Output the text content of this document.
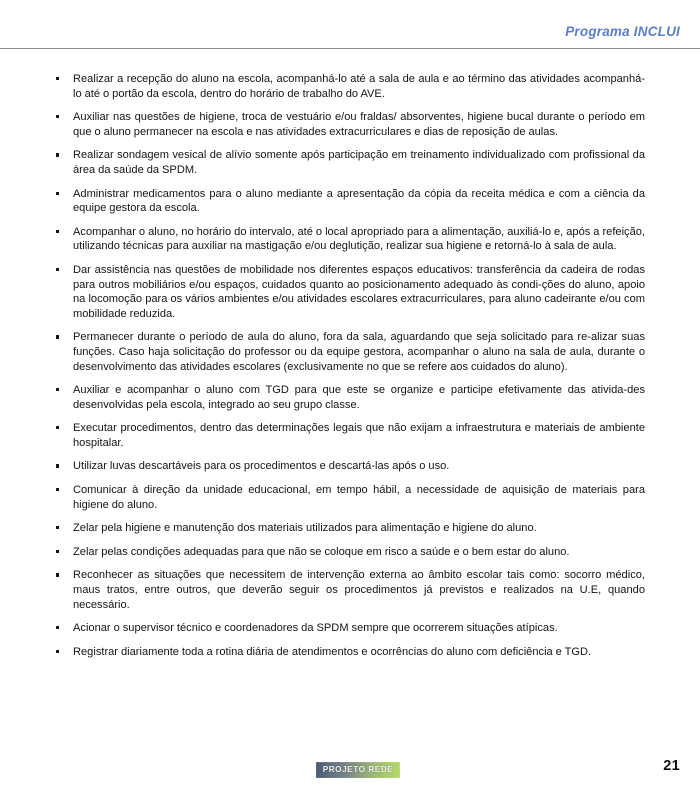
Programa INCLUI
Realizar a recepção do aluno na escola, acompanhá-lo até a sala de aula e ao término das atividades acompanhá-lo até o portão da escola, dentro do horário de trabalho do AVE.
Auxiliar nas questões de higiene, troca de vestuário e/ou fraldas/ absorventes, higiene bucal durante o período em que o aluno permanecer na escola e nas atividades extracurriculares e dias de reposição de aulas.
Realizar sondagem vesical de alívio somente após participação em treinamento individualizado com profissional da área da saúde da SPDM.
Administrar medicamentos para o aluno mediante a apresentação da cópia da receita médica e com a ciência da equipe gestora da escola.
Acompanhar o aluno, no horário do intervalo, até o local apropriado para a alimentação, auxiliá-lo e, após a refeição, utilizando técnicas para auxiliar na mastigação e/ou deglutição, realizar sua higiene e retorná-lo à sala de aula.
Dar assistência nas questões de mobilidade nos diferentes espaços educativos: transferência da cadeira de rodas para outros mobiliários e/ou espaços, cuidados quanto ao posicionamento adequado às condi-ções do aluno, apoio na locomoção para os vários ambientes e/ou atividades escolares extracurriculares, para aluno cadeirante e/ou com mobilidade reduzida.
Permanecer durante o período de aula do aluno, fora da sala, aguardando que seja solicitado para re-alizar suas funções. Caso haja solicitação do professor ou da equipe gestora, acompanhar o aluno na sala de aula, durante o desenvolvimento das atividades escolares (exclusivamente no que se refere aos cuidados do aluno).
Auxiliar e acompanhar o aluno com TGD para que este se organize e participe efetivamente das ativida-des desenvolvidas pela escola, integrado ao seu grupo classe.
Executar procedimentos, dentro das determinações legais que não exijam a infraestrutura e materiais de ambiente hospitalar.
Utilizar luvas descartáveis para os procedimentos e descartá-las após o uso.
Comunicar à direção da unidade educacional, em tempo hábil, a necessidade de aquisição de materiais para higiene do aluno.
Zelar pela higiene e manutenção dos materiais utilizados para alimentação e higiene do aluno.
Zelar pelas condições adequadas para que não se coloque em risco a saúde e o bem estar do aluno.
Reconhecer as situações que necessitem de intervenção externa ao âmbito escolar tais como: socorro médico, maus tratos, entre outros, que deverão seguir os procedimentos já previstos e realizados na U.E, quando necessário.
Acionar o supervisor técnico e coordenadores da SPDM sempre que ocorrerem situações atípicas.
Registrar diariamente toda a rotina diária de atendimentos e ocorrências do aluno com deficiência e TGD.
PROJETO REDE	21
